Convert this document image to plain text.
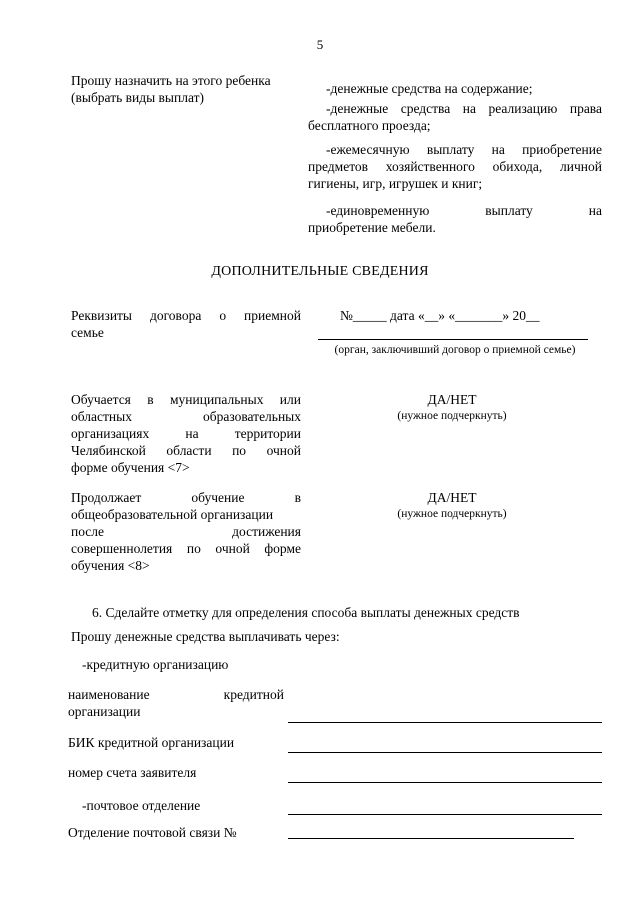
5
Прошу назначить на этого ребенка
(выбрать виды выплат)
-денежные средства на содержание;
-денежные средства на реализацию права
бесплатного проезда;
-ежемесячную выплату на приобретение
предметов хозяйственного обихода, личной
гигиены, игр, игрушек и книг;
-единовременную выплату на
приобретение мебели.
ДОПОЛНИТЕЛЬНЫЕ СВЕДЕНИЯ
Реквизиты договора о приемной
семье
№_____ дата «__» «_______» 20__
(орган, заключивший договор о приемной семье)
Обучается в муниципальных или
областных образовательных
организациях на территории
Челябинской области по очной
форме обучения <7>
ДА/НЕТ
(нужное подчеркнуть)
Продолжает обучение в
общеобразовательной организации
после достижения
совершеннолетия по очной форме
обучения <8>
ДА/НЕТ
(нужное подчеркнуть)
6. Сделайте отметку для определения способа выплаты денежных средств
Прошу денежные средства выплачивать через:
-кредитную организацию
наименование кредитной
организации
БИК кредитной организации
номер счета заявителя
-почтовое отделение
Отделение почтовой связи №
